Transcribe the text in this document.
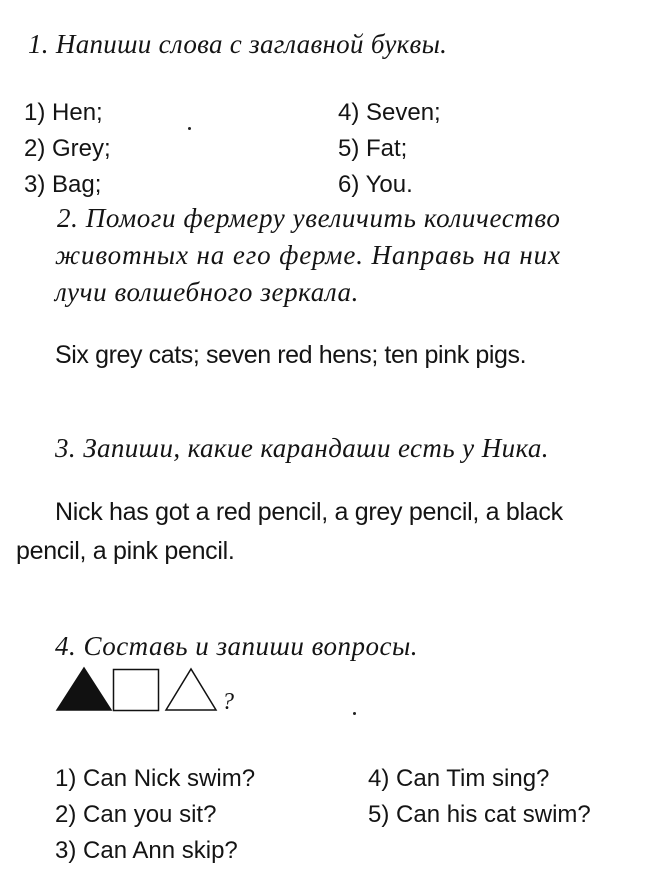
1. Напиши слова с заглавной буквы.
1) Hen;
2) Grey;
3) Bag;
4) Seven;
5) Fat;
6) You.
2. Помоги фермеру увеличить количество
животных на его ферме. Направь на них
лучи волшебного зеркала.
Six grey cats; seven red hens; ten pink pigs.
3. Запиши, какие карандаши есть у Ника.
Nick has got a red pencil, a grey pencil, a black
pencil, a pink pencil.
4. Составь и запиши вопросы.
?
1) Can Nick swim?
2) Can you sit?
3) Can Ann skip?
4) Can Tim sing?
5) Can his cat swim?
